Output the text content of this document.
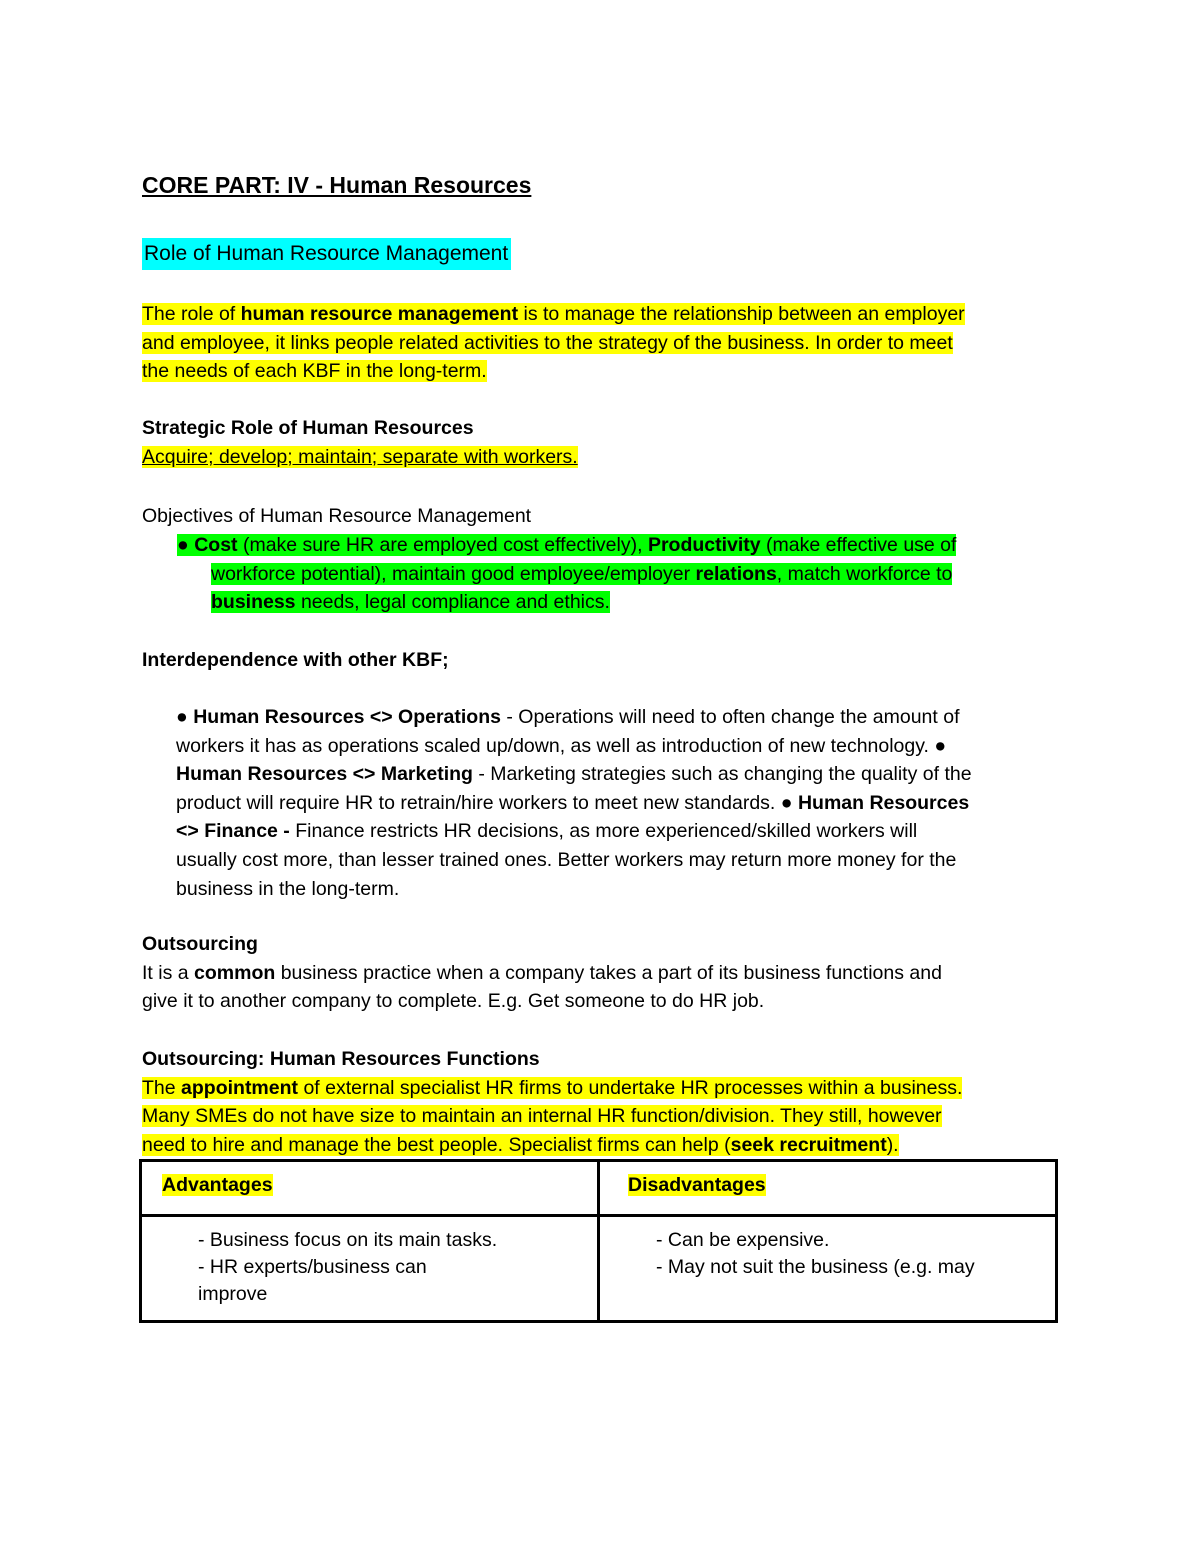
CORE PART: IV - Human Resources
Role of Human Resource Management
The role of human resource management is to manage the relationship between an employer
and employee, it links people related activities to the strategy of the business. In order to meet
the needs of each KBF in the long-term.
Strategic Role of Human Resources
Acquire; develop; maintain; separate with workers.
Objectives of Human Resource Management
● Cost (make sure HR are employed cost effectively), Productivity (make effective use of
workforce potential), maintain good employee/employer relations, match workforce to
business needs, legal compliance and ethics.
Interdependence with other KBF;
● Human Resources <> Operations - Operations will need to often change the amount of
workers it has as operations scaled up/down, as well as introduction of new technology. ●
Human Resources <> Marketing - Marketing strategies such as changing the quality of the
product will require HR to retrain/hire workers to meet new standards. ● Human Resources
<> Finance - Finance restricts HR decisions, as more experienced/skilled workers will
usually cost more, than lesser trained ones. Better workers may return more money for the
business in the long-term.
Outsourcing
It is a common business practice when a company takes a part of its business functions and
give it to another company to complete. E.g. Get someone to do HR job.
Outsourcing: Human Resources Functions
The appointment of external specialist HR firms to undertake HR processes within a business.
Many SMEs do not have size to maintain an internal HR function/division. They still, however
need to hire and manage the best people. Specialist firms can help (seek recruitment).
Advantages	Disadvantages

- Business focus on its main tasks.
- HR experts/business can
improve	- Can be expensive.
- May not suit the business (e.g. may
